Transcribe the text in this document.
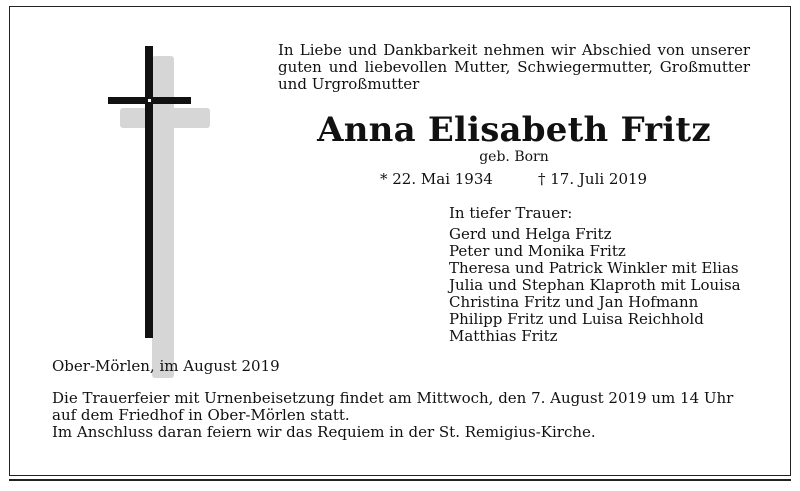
In Liebe und Dankbarkeit nehmen wir Abschied von unserer guten und liebevollen Mutter, Schwiegermutter, Großmutter und Urgroßmutter
Anna Elisabeth Fritz
geb. Born
* 22. Mai 1934	† 17. Juli 2019
In tiefer Trauer:
Gerd und Helga Fritz
Peter und Monika Fritz
Theresa und Patrick Winkler mit Elias
Julia und Stephan Klaproth mit Louisa
Christina Fritz und Jan Hofmann
Philipp Fritz und Luisa Reichhold
Matthias Fritz
Ober-Mörlen, im August 2019
Die Trauerfeier mit Urnenbeisetzung findet am Mittwoch, den 7. August 2019 um 14 Uhr
auf dem Friedhof in Ober-Mörlen statt.
Im Anschluss daran feiern wir das Requiem in der St. Remigius-Kirche.
